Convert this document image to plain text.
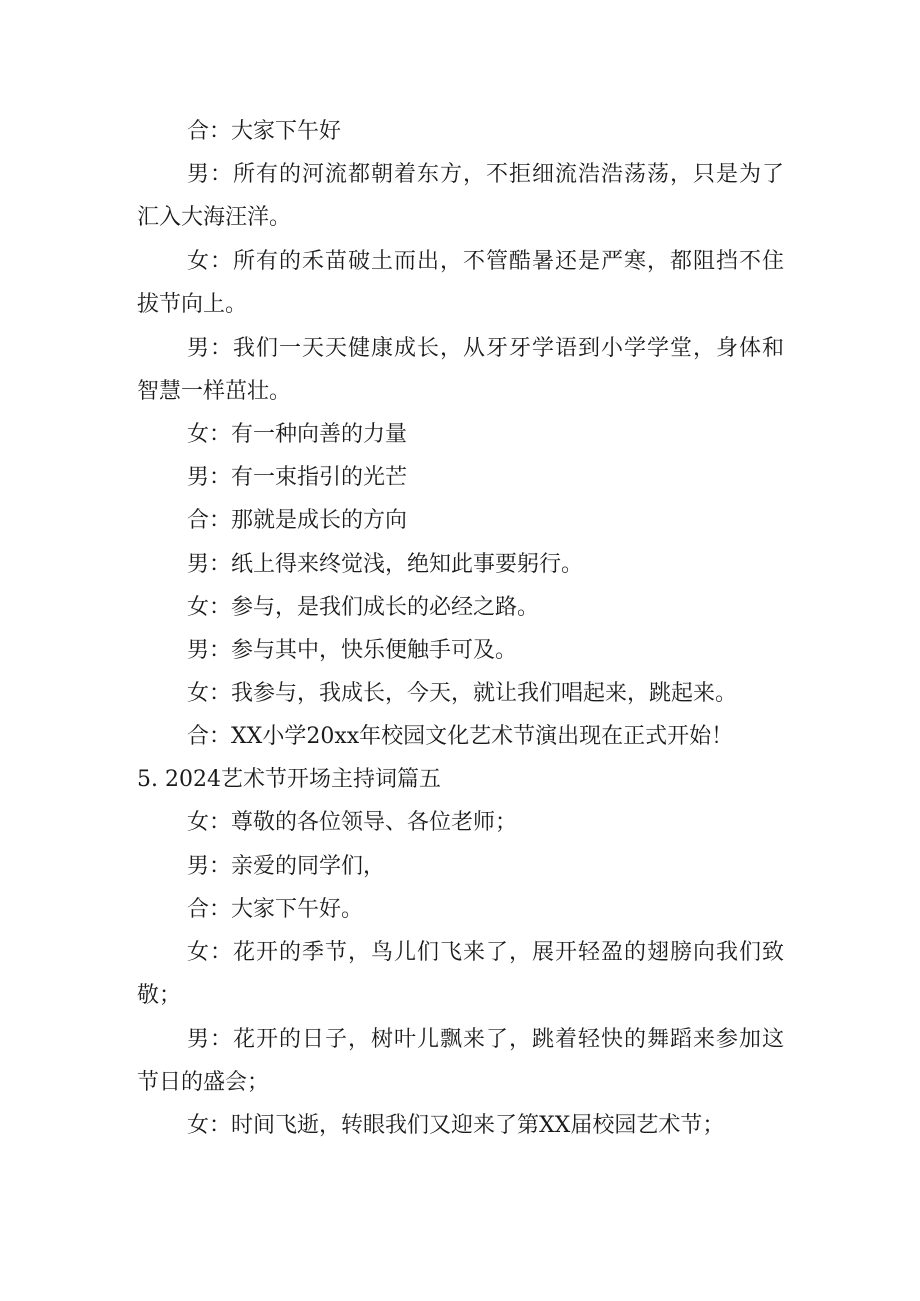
合：大家下午好
男：所有的河流都朝着东方，不拒细流浩浩荡荡，只是为了
汇入大海汪洋。
女：所有的禾苗破土而出，不管酷暑还是严寒，都阻挡不住
拔节向上。
男：我们一天天健康成长，从牙牙学语到小学学堂，身体和
智慧一样茁壮。
女：有一种向善的力量
男：有一束指引的光芒
合：那就是成长的方向
男：纸上得来终觉浅，绝知此事要躬行。
女：参与，是我们成长的必经之路。
男：参与其中，快乐便触手可及。
女：我参与，我成长，今天，就让我们唱起来，跳起来。
合：XX小学20xx年校园文化艺术节演出现在正式开始！
5. 2024艺术节开场主持词篇五
女：尊敬的各位领导、各位老师；
男：亲爱的同学们，
合：大家下午好。
女：花开的季节，鸟儿们飞来了，展开轻盈的翅膀向我们致
敬；
男：花开的日子，树叶儿飘来了，跳着轻快的舞蹈来参加这
节日的盛会；
女：时间飞逝，转眼我们又迎来了第XX届校园艺术节；
